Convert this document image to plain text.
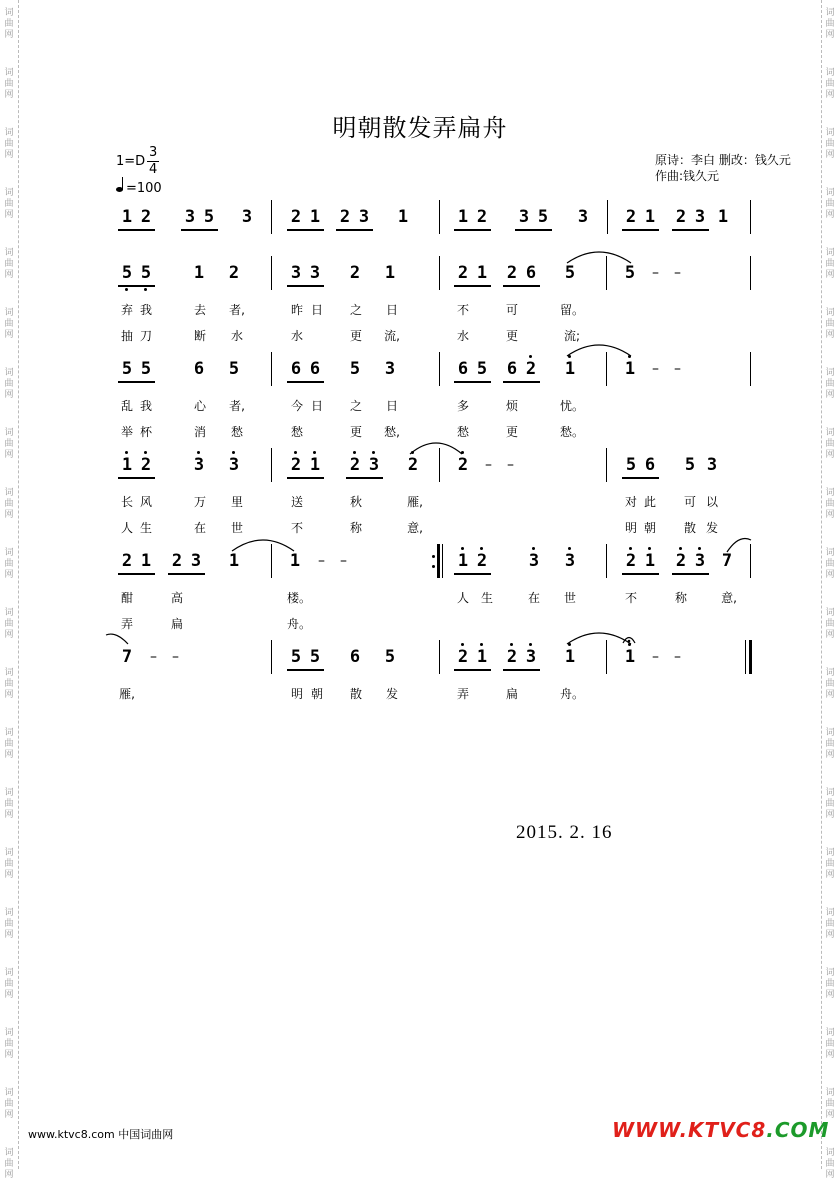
词
曲
网
词
曲
网
词
曲
网
词
曲
网
词
曲
网
词
曲
网
词
曲
网
词
曲
网
词
曲
网
词
曲
网
词
曲
网
词
曲
网
词
曲
网
词
曲
网
词
曲
网
词
曲
网
词
曲
网
词
曲
网
词
曲
网
词
曲
网
词
曲
网
词
曲
网
词
曲
网
词
曲
网
词
曲
网
词
曲
网
词
曲
网
词
曲
网
词
曲
网
词
曲
网
词
曲
网
词
曲
网
词
曲
网
词
曲
网
词
曲
网
词
曲
网
词
曲
网
词
曲
网
词
曲
网
词
曲
网
明朝散发弄扁舟
$1=D \frac{3}{4}$
=100
原诗：李白 删改：钱久元
作曲:钱久元
1 2 3 5 3 2 1 2 3 1	1 2 3 5 3 2 1 2 3 1
5 5	1 2	3 3 2 1	2 1 2 6 5	5 – –
弃 我	去	者,	昨 日	之	日	不	可	留。
抽 刀	断	水	水	更	流,	水	更	流;
5 5	6 5	6 6 5 3	6 5 6 2 1	1 – –
乱 我	心	者,	今 日	之	日	多	烦	忧。
举 杯	消	愁	愁	更	愁,	愁	更	愁。
1 2	3 3	2 1 2 3 2 2 – –	5 6 5 3
长 风	万	里	送	秋	雁,	对 此	可 以
人 生	在	世	不	称	意,	明 朝	散 发
2 1 2 3 1	1 – –	1 2 3 3	2 1 2 3 7
酣	高	楼。	人 生	在	世	不	称	意,
弄	扁	舟。
7 – –	5 5 6 5	2 1 2 3 1	1 – –
雁,	明 朝	散	发	弄	扁	舟。
2015. 2. 16
www.ktvc8.com 中国词曲网	WWW.KTVC8.COM
